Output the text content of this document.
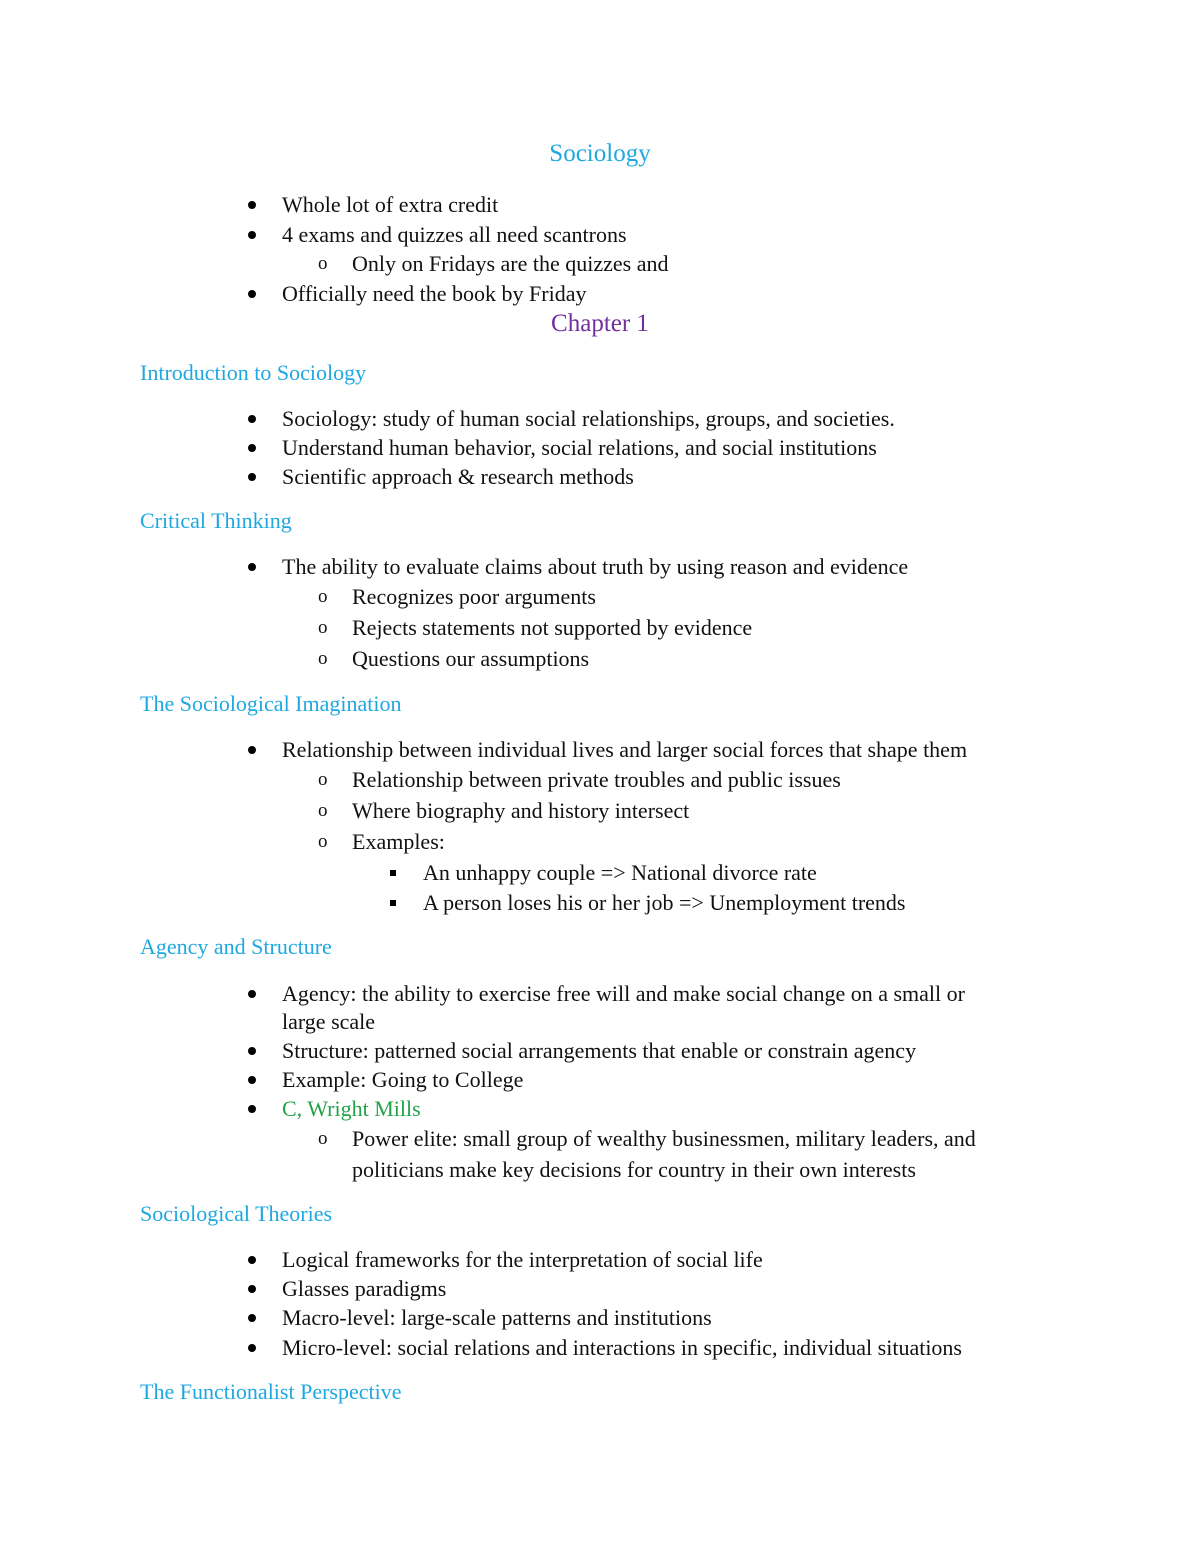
Sociology
Whole lot of extra credit
4 exams and quizzes all need scantrons
o Only on Fridays are the quizzes and
Officially need the book by Friday
Chapter 1
Introduction to Sociology
Sociology: study of human social relationships, groups, and societies.
Understand human behavior, social relations, and social institutions
Scientific approach & research methods
Critical Thinking
The ability to evaluate claims about truth by using reason and evidence
o Recognizes poor arguments
o Rejects statements not supported by evidence
o Questions our assumptions
The Sociological Imagination
Relationship between individual lives and larger social forces that shape them
o Relationship between private troubles and public issues
o Where biography and history intersect
o Examples:
An unhappy couple => National divorce rate
A person loses his or her job => Unemployment trends
Agency and Structure
Agency: the ability to exercise free will and make social change on a small or
large scale
Structure: patterned social arrangements that enable or constrain agency
Example: Going to College
C, Wright Mills
o Power elite: small group of wealthy businessmen, military leaders, and
politicians make key decisions for country in their own interests
Sociological Theories
Logical frameworks for the interpretation of social life
Glasses paradigms
Macro-level: large-scale patterns and institutions
Micro-level: social relations and interactions in specific, individual situations
The Functionalist Perspective
